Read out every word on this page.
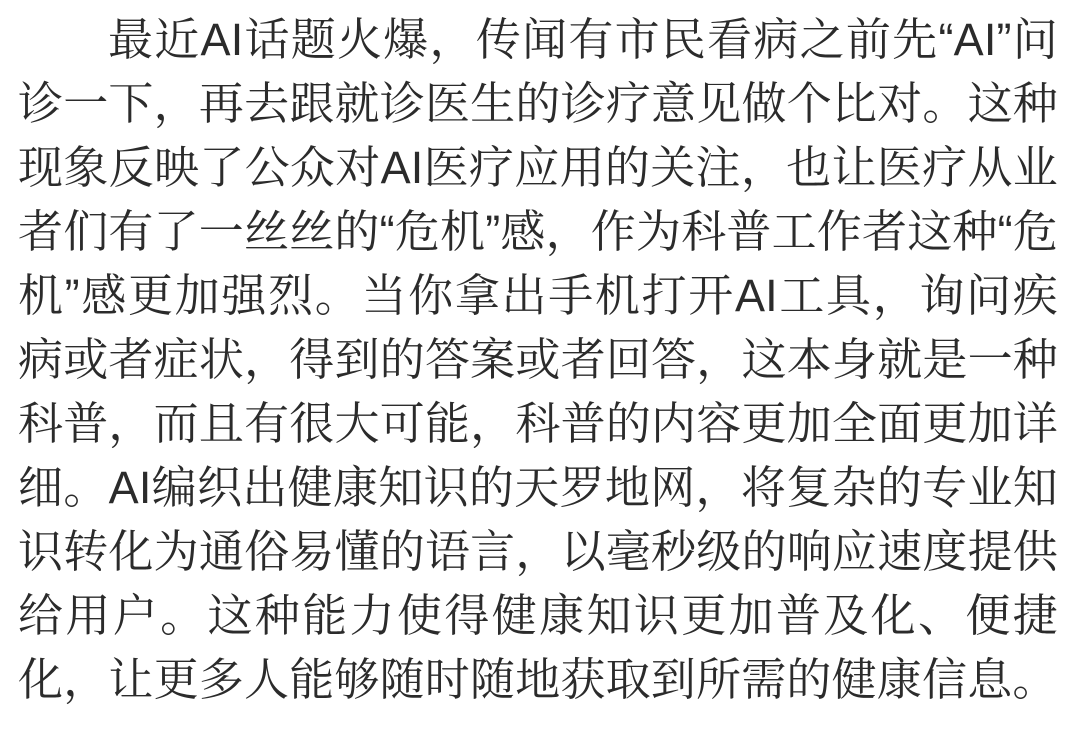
最近AI话题火爆，传闻有市民看病之前先“AI”问诊一下，再去跟就诊医生的诊疗意见做个比对。这种现象反映了公众对AI医疗应用的关注，也让医疗从业者们有了一丝丝的“危机”感，作为科普工作者这种“危机”感更加强烈。当你拿出手机打开AI工具，询问疾病或者症状，得到的答案或者回答，这本身就是一种科普，而且有很大可能，科普的内容更加全面更加详细。AI编织出健康知识的天罗地网，将复杂的专业知识转化为通俗易懂的语言，以毫秒级的响应速度提供给用户。这种能力使得健康知识更加普及化、便捷化，让更多人能够随时随地获取到所需的健康信息。
